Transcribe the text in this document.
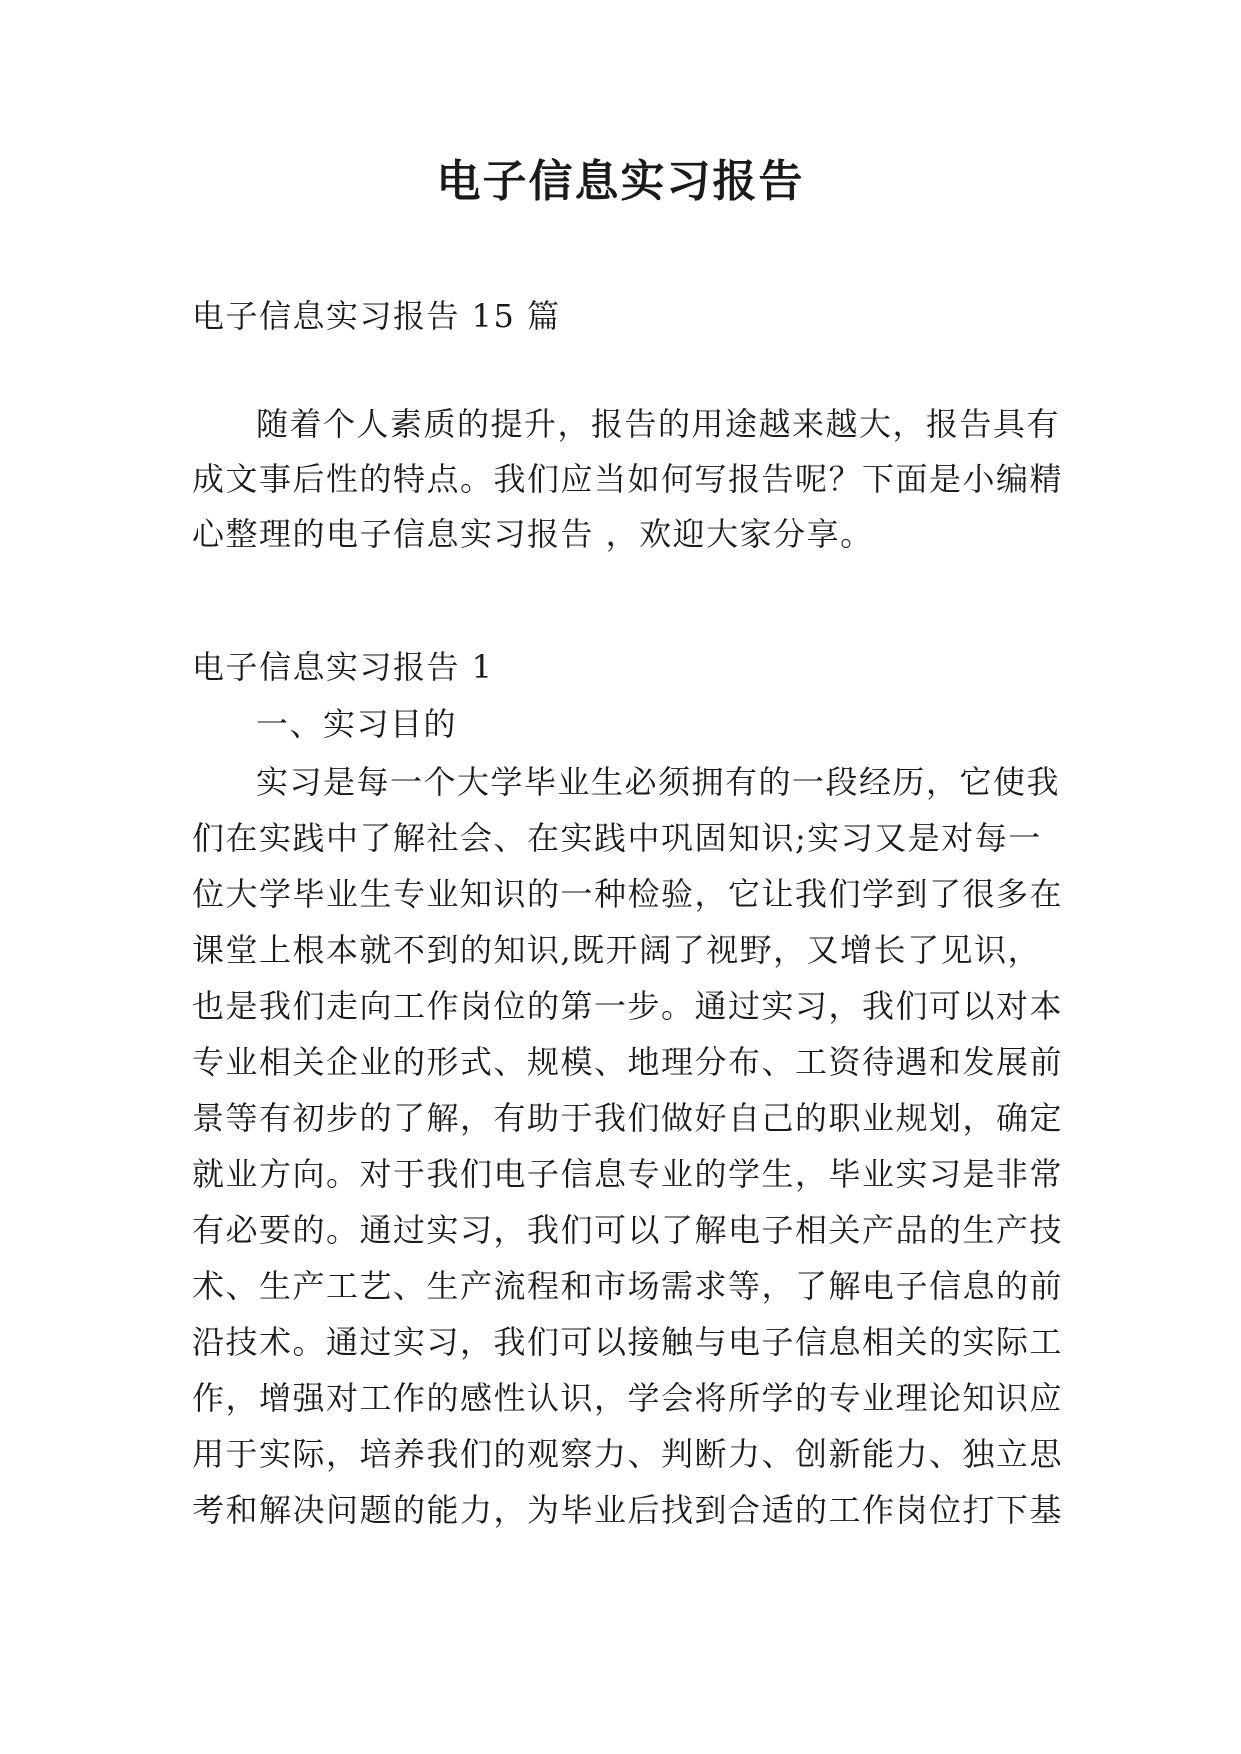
电子信息实习报告
电子信息实习报告 15 篇
随着个人素质的提升，报告的用途越来越大，报告具有
成文事后性的特点。我们应当如何写报告呢？下面是小编精
心整理的电子信息实习报告 ，欢迎大家分享。
电子信息实习报告 1
一、实习目的
实习是每一个大学毕业生必须拥有的一段经历，它使我
们在实践中了解社会、在实践中巩固知识;实习又是对每一
位大学毕业生专业知识的一种检验，它让我们学到了很多在
课堂上根本就不到的知识,既开阔了视野，又增长了见识，
也是我们走向工作岗位的第一步。通过实习，我们可以对本
专业相关企业的形式、规模、地理分布、工资待遇和发展前
景等有初步的了解，有助于我们做好自己的职业规划，确定
就业方向。对于我们电子信息专业的学生，毕业实习是非常
有必要的。通过实习，我们可以了解电子相关产品的生产技
术、生产工艺、生产流程和市场需求等，了解电子信息的前
沿技术。通过实习，我们可以接触与电子信息相关的实际工
作，增强对工作的感性认识，学会将所学的专业理论知识应
用于实际，培养我们的观察力、判断力、创新能力、独立思
考和解决问题的能力，为毕业后找到合适的工作岗位打下基
